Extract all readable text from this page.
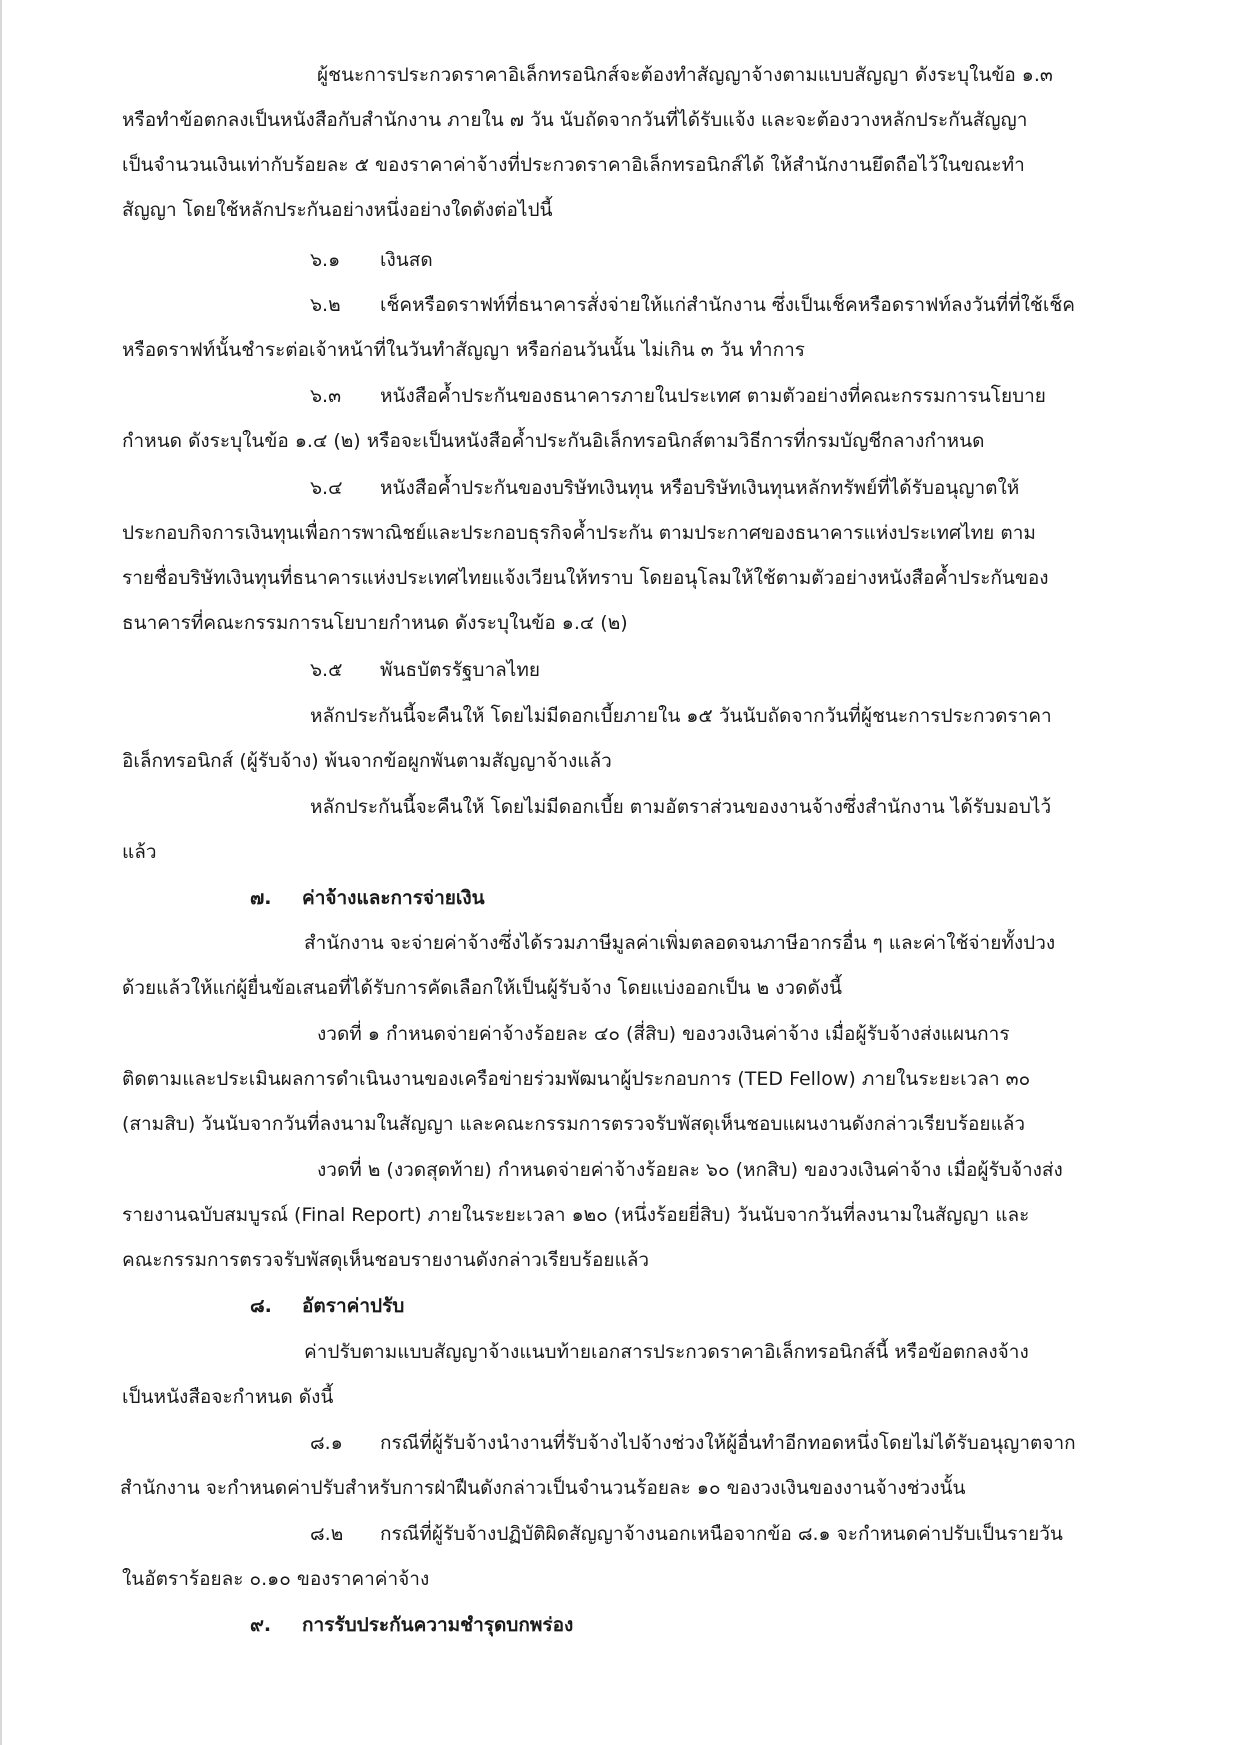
ผู้ชนะการประกวดราคาอิเล็กทรอนิกส์จะต้องทำสัญญาจ้างตามแบบสัญญา ดังระบุในข้อ ๑.๓
หรือทำข้อตกลงเป็นหนังสือกับสำนักงาน ภายใน ๗ วัน นับถัดจากวันที่ได้รับแจ้ง และจะต้องวางหลักประกันสัญญา
เป็นจำนวนเงินเท่ากับร้อยละ ๕ ของราคาค่าจ้างที่ประกวดราคาอิเล็กทรอนิกส์ได้ ให้สำนักงานยึดถือไว้ในขณะทำ
สัญญา โดยใช้หลักประกันอย่างหนึ่งอย่างใดดังต่อไปนี้
๖.๑ เงินสด
๖.๒ เช็คหรือดราฟท์ที่ธนาคารสั่งจ่ายให้แก่สำนักงาน ซึ่งเป็นเช็คหรือดราฟท์ลงวันที่ที่ใช้เช็ค
หรือดราฟท์นั้นชำระต่อเจ้าหน้าที่ในวันทำสัญญา หรือก่อนวันนั้น ไม่เกิน ๓ วัน ทำการ
๖.๓ หนังสือค้ำประกันของธนาคารภายในประเทศ ตามตัวอย่างที่คณะกรรมการนโยบาย
กำหนด ดังระบุในข้อ ๑.๔ (๒) หรือจะเป็นหนังสือค้ำประกันอิเล็กทรอนิกส์ตามวิธีการที่กรมบัญชีกลางกำหนด
๖.๔ หนังสือค้ำประกันของบริษัทเงินทุน หรือบริษัทเงินทุนหลักทรัพย์ที่ได้รับอนุญาตให้
ประกอบกิจการเงินทุนเพื่อการพาณิชย์และประกอบธุรกิจค้ำประกัน ตามประกาศของธนาคารแห่งประเทศไทย ตาม
รายชื่อบริษัทเงินทุนที่ธนาคารแห่งประเทศไทยแจ้งเวียนให้ทราบ โดยอนุโลมให้ใช้ตามตัวอย่างหนังสือค้ำประกันของ
ธนาคารที่คณะกรรมการนโยบายกำหนด ดังระบุในข้อ ๑.๔ (๒)
๖.๕ พันธบัตรรัฐบาลไทย
หลักประกันนี้จะคืนให้ โดยไม่มีดอกเบี้ยภายใน ๑๕ วันนับถัดจากวันที่ผู้ชนะการประกวดราคา
อิเล็กทรอนิกส์ (ผู้รับจ้าง) พ้นจากข้อผูกพันตามสัญญาจ้างแล้ว
หลักประกันนี้จะคืนให้ โดยไม่มีดอกเบี้ย ตามอัตราส่วนของงานจ้างซึ่งสำนักงาน ได้รับมอบไว้
แล้ว
๗. ค่าจ้างและการจ่ายเงิน
สำนักงาน จะจ่ายค่าจ้างซึ่งได้รวมภาษีมูลค่าเพิ่มตลอดจนภาษีอากรอื่น ๆ และค่าใช้จ่ายทั้งปวง
ด้วยแล้วให้แก่ผู้ยื่นข้อเสนอที่ได้รับการคัดเลือกให้เป็นผู้รับจ้าง โดยแบ่งออกเป็น ๒ งวดดังนี้
งวดที่ ๑ กำหนดจ่ายค่าจ้างร้อยละ ๔๐ (สี่สิบ) ของวงเงินค่าจ้าง เมื่อผู้รับจ้างส่งแผนการ
ติดตามและประเมินผลการดำเนินงานของเครือข่ายร่วมพัฒนาผู้ประกอบการ (TED Fellow) ภายในระยะเวลา ๓๐
(สามสิบ) วันนับจากวันที่ลงนามในสัญญา และคณะกรรมการตรวจรับพัสดุเห็นชอบแผนงานดังกล่าวเรียบร้อยแล้ว
งวดที่ ๒ (งวดสุดท้าย) กำหนดจ่ายค่าจ้างร้อยละ ๖๐ (หกสิบ) ของวงเงินค่าจ้าง เมื่อผู้รับจ้างส่ง
รายงานฉบับสมบูรณ์ (Final Report) ภายในระยะเวลา ๑๒๐ (หนึ่งร้อยยี่สิบ) วันนับจากวันที่ลงนามในสัญญา และ
คณะกรรมการตรวจรับพัสดุเห็นชอบรายงานดังกล่าวเรียบร้อยแล้ว
๘. อัตราค่าปรับ
ค่าปรับตามแบบสัญญาจ้างแนบท้ายเอกสารประกวดราคาอิเล็กทรอนิกส์นี้ หรือข้อตกลงจ้าง
เป็นหนังสือจะกำหนด ดังนี้
๘.๑ กรณีที่ผู้รับจ้างนำงานที่รับจ้างไปจ้างช่วงให้ผู้อื่นทำอีกทอดหนึ่งโดยไม่ได้รับอนุญาตจาก
สำนักงาน จะกำหนดค่าปรับสำหรับการฝ่าฝืนดังกล่าวเป็นจำนวนร้อยละ ๑๐ ของวงเงินของงานจ้างช่วงนั้น
๘.๒ กรณีที่ผู้รับจ้างปฏิบัติผิดสัญญาจ้างนอกเหนือจากข้อ ๘.๑ จะกำหนดค่าปรับเป็นรายวัน
ในอัตราร้อยละ ๐.๑๐ ของราคาค่าจ้าง
๙. การรับประกันความชำรุดบกพร่อง
